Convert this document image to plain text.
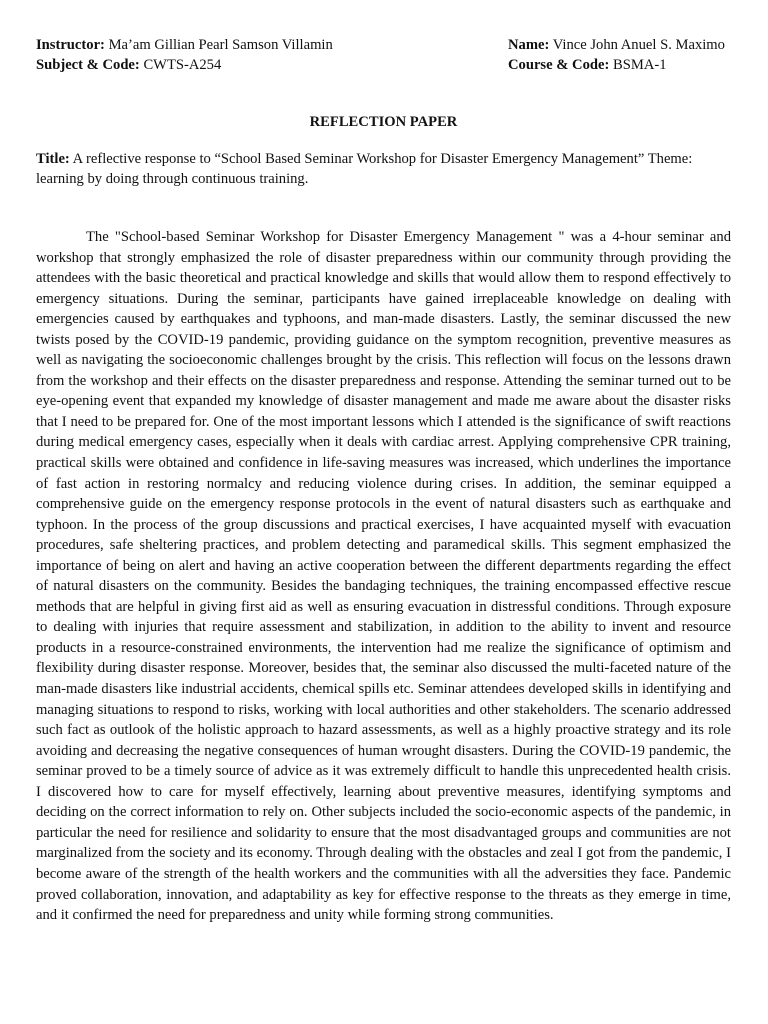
Instructor: Ma’am Gillian Pearl Samson Villamin	Name: Vince John Anuel S. Maximo
Subject & Code: CWTS-A254	Course & Code: BSMA-1
REFLECTION PAPER
Title: A reflective response to “School Based Seminar Workshop for Disaster Emergency Management” Theme: learning by doing through continuous training.

The "School-based Seminar Workshop for Disaster Emergency Management " was a 4-hour seminar and workshop that strongly emphasized the role of disaster preparedness within our community through providing the attendees with the basic theoretical and practical knowledge and skills that would allow them to respond effectively to emergency situations. During the seminar, participants have gained irreplaceable knowledge on dealing with emergencies caused by earthquakes and typhoons, and man-made disasters. Lastly, the seminar discussed the new twists posed by the COVID-19 pandemic, providing guidance on the symptom recognition, preventive measures as well as navigating the socioeconomic challenges brought by the crisis. This reflection will focus on the lessons drawn from the workshop and their effects on the disaster preparedness and response. Attending the seminar turned out to be eye-opening event that expanded my knowledge of disaster management and made me aware about the disaster risks that I need to be prepared for. One of the most important lessons which I attended is the significance of swift reactions during medical emergency cases, especially when it deals with cardiac arrest. Applying comprehensive CPR training, practical skills were obtained and confidence in life-saving measures was increased, which underlines the importance of fast action in restoring normalcy and reducing violence during crises. In addition, the seminar equipped a comprehensive guide on the emergency response protocols in the event of natural disasters such as earthquake and typhoon. In the process of the group discussions and practical exercises, I have acquainted myself with evacuation procedures, safe sheltering practices, and problem detecting and paramedical skills. This segment emphasized the importance of being on alert and having an active cooperation between the different departments regarding the effect of natural disasters on the community. Besides the bandaging techniques, the training encompassed effective rescue methods that are helpful in giving first aid as well as ensuring evacuation in distressful conditions. Through exposure to dealing with injuries that require assessment and stabilization, in addition to the ability to invent and resource products in a resource-constrained environments, the intervention had me realize the significance of optimism and flexibility during disaster response. Moreover, besides that, the seminar also discussed the multi-faceted nature of the man-made disasters like industrial accidents, chemical spills etc. Seminar attendees developed skills in identifying and managing situations to respond to risks, working with local authorities and other stakeholders. The scenario addressed such fact as outlook of the holistic approach to hazard assessments, as well as a highly proactive strategy and its role avoiding and decreasing the negative consequences of human wrought disasters. During the COVID-19 pandemic, the seminar proved to be a timely source of advice as it was extremely difficult to handle this unprecedented health crisis. I discovered how to care for myself effectively, learning about preventive measures, identifying symptoms and deciding on the correct information to rely on. Other subjects included the socio-economic aspects of the pandemic, in particular the need for resilience and solidarity to ensure that the most disadvantaged groups and communities are not marginalized from the society and its economy. Through dealing with the obstacles and zeal I got from the pandemic, I become aware of the strength of the health workers and the communities with all the adversities they face. Pandemic proved collaboration, innovation, and adaptability as key for effective response to the threats as they emerge in time, and it confirmed the need for preparedness and unity while forming strong communities.
